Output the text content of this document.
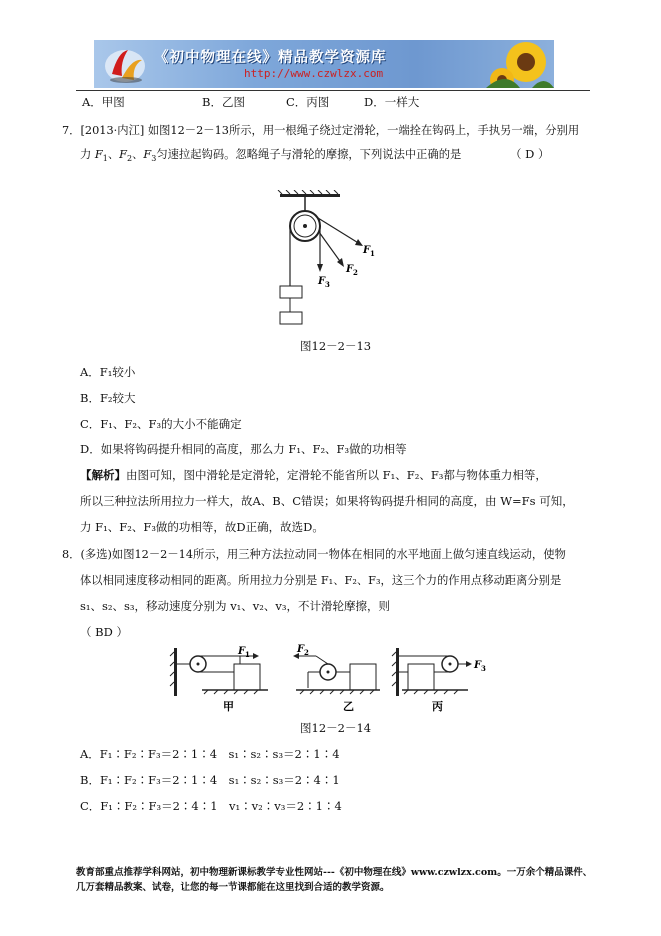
《初中物理在线》精品教学资源库
http://www.czwlzx.com
A．甲图	B．乙图	C．丙图	D．一样大
7．[2013·内江] 如图12－2－13所示，用一根绳子绕过定滑轮，一端拴在钩码上，手执另一端，分别用
力 $F_1$、$F_2$、$F_3$匀速拉起钩码。忽略绳子与滑轮的摩擦，下列说法中正确的是	（ D ）
F 1
F 2
F 3
图12－2－13
A．F₁较小
B．F₂较大
C．F₁、F₂、F₃的大小不能确定
D．如果将钩码提升相同的高度，那么力 F₁、F₂、F₃做的功相等
【解析】由图可知，图中滑轮是定滑轮，定滑轮不能省所以 F₁、F₂、F₃都与物体重力相等，
所以三种拉法所用拉力一样大，故A、B、C错误；如果将钩码提升相同的高度，由 W=Fs 可知，
力 F₁、F₂、F₃做的功相等，故D正确，故选D。
8．(多选)如图12－2－14所示，用三种方法拉动同一物体在相同的水平地面上做匀速直线运动，使物
体以相同速度移动相同的距离。所用拉力分别是 F₁、F₂、F₃，这三个力的作用点移动距离分别是
s₁、s₂、s₃，移动速度分别为 v₁、v₂、v₃，不计滑轮摩擦，则
（ BD ）
F 1	F 2
F 3
甲	乙	丙
图12－2－14
A．F₁∶F₂∶F₃＝2∶1∶4　s₁∶s₂∶s₃＝2∶1∶4
B．F₁∶F₂∶F₃＝2∶1∶4　s₁∶s₂∶s₃＝2∶4∶1
C．F₁∶F₂∶F₃＝2∶4∶1　v₁∶v₂∶v₃＝2∶1∶4
教育部重点推荐学科网站，初中物理新课标教学专业性网站---《初中物理在线》www.czwlzx.com。一万余个精品课件、
几万套精品教案、试卷，让您的每一节课都能在这里找到合适的教学资源。
